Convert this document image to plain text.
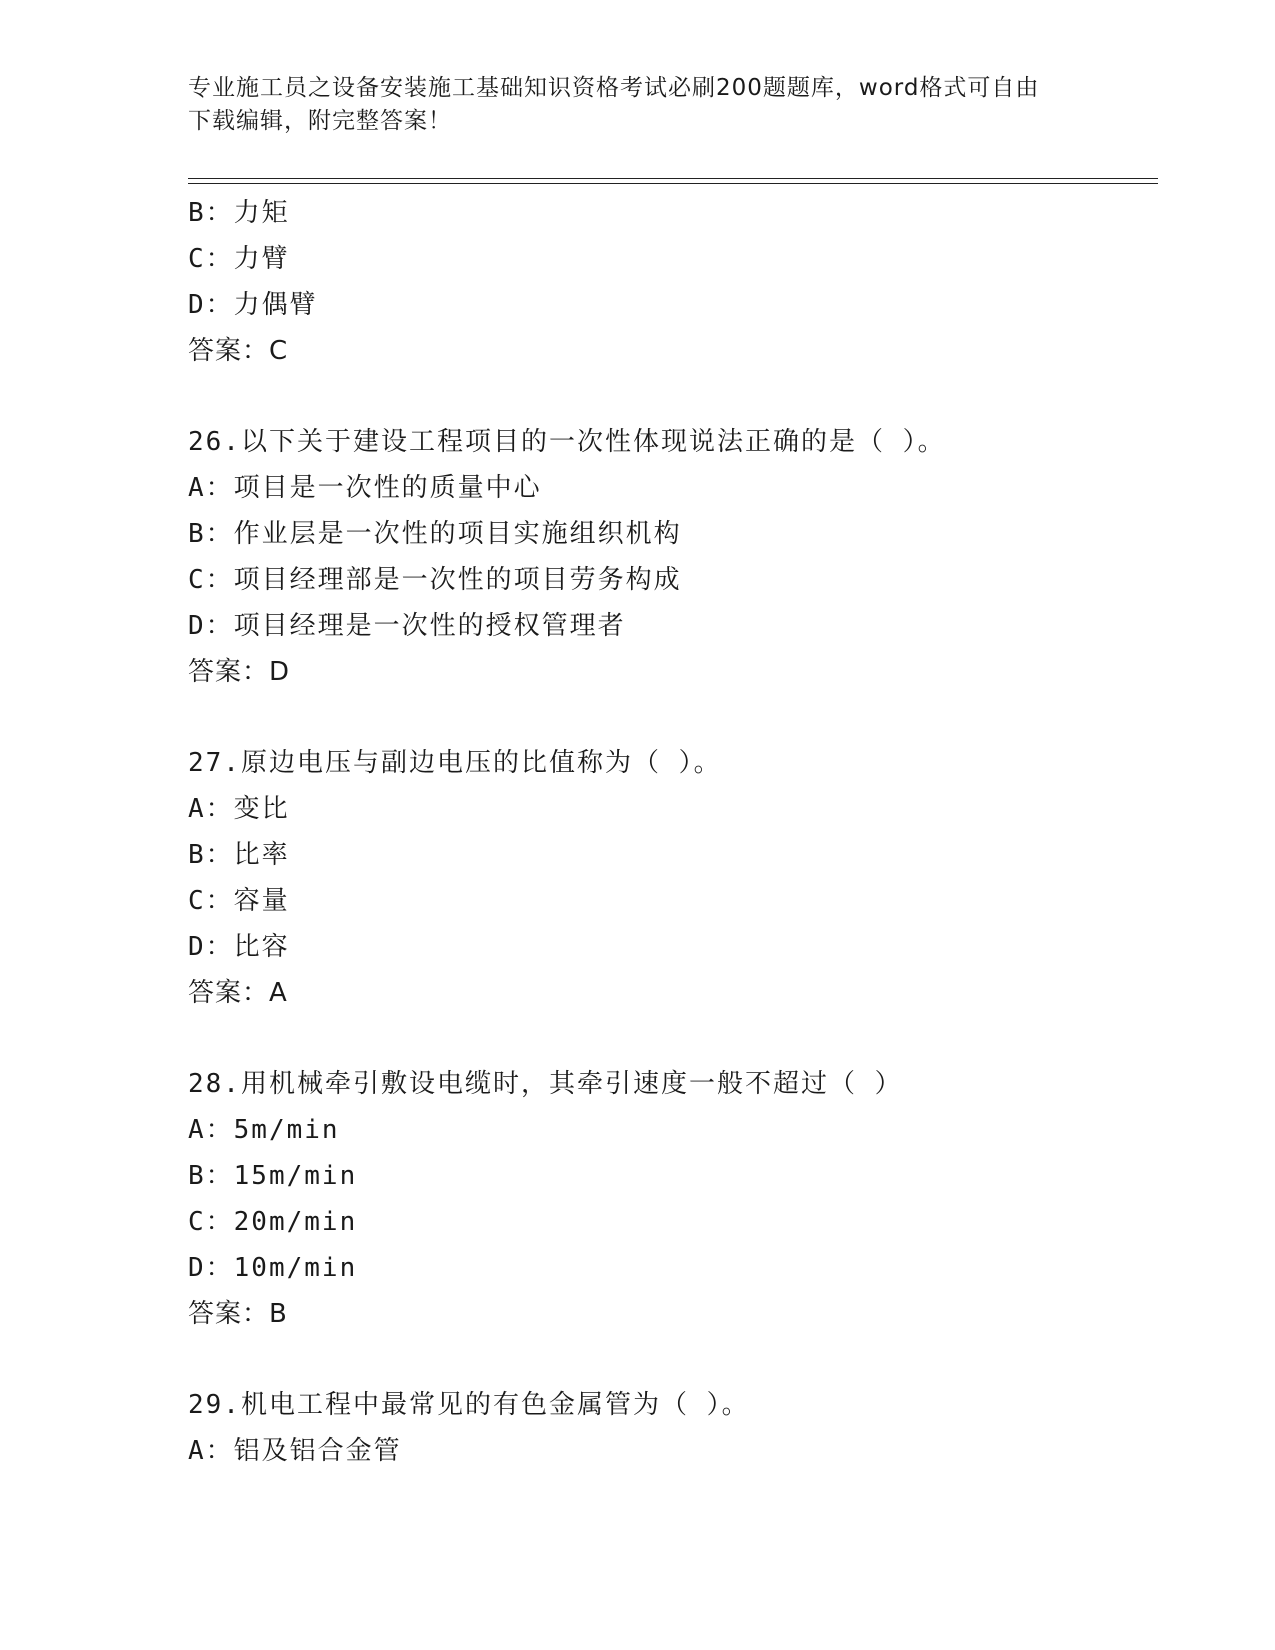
专业施工员之设备安装施工基础知识资格考试必刷200题题库，word格式可自由
下载编辑，附完整答案！
B：力矩
C：力臂
D：力偶臂
答案：C
26.以下关于建设工程项目的一次性体现说法正确的是（ ）。
A：项目是一次性的质量中心
B：作业层是一次性的项目实施组织机构
C：项目经理部是一次性的项目劳务构成
D：项目经理是一次性的授权管理者
答案：D
27.原边电压与副边电压的比值称为（ ）。
A：变比
B：比率
C：容量
D：比容
答案：A
28.用机械牵引敷设电缆时，其牵引速度一般不超过（ ）
A：5m/min
B：15m/min
C：20m/min
D：10m/min
答案：B
29.机电工程中最常见的有色金属管为（ ）。
A：铝及铝合金管
